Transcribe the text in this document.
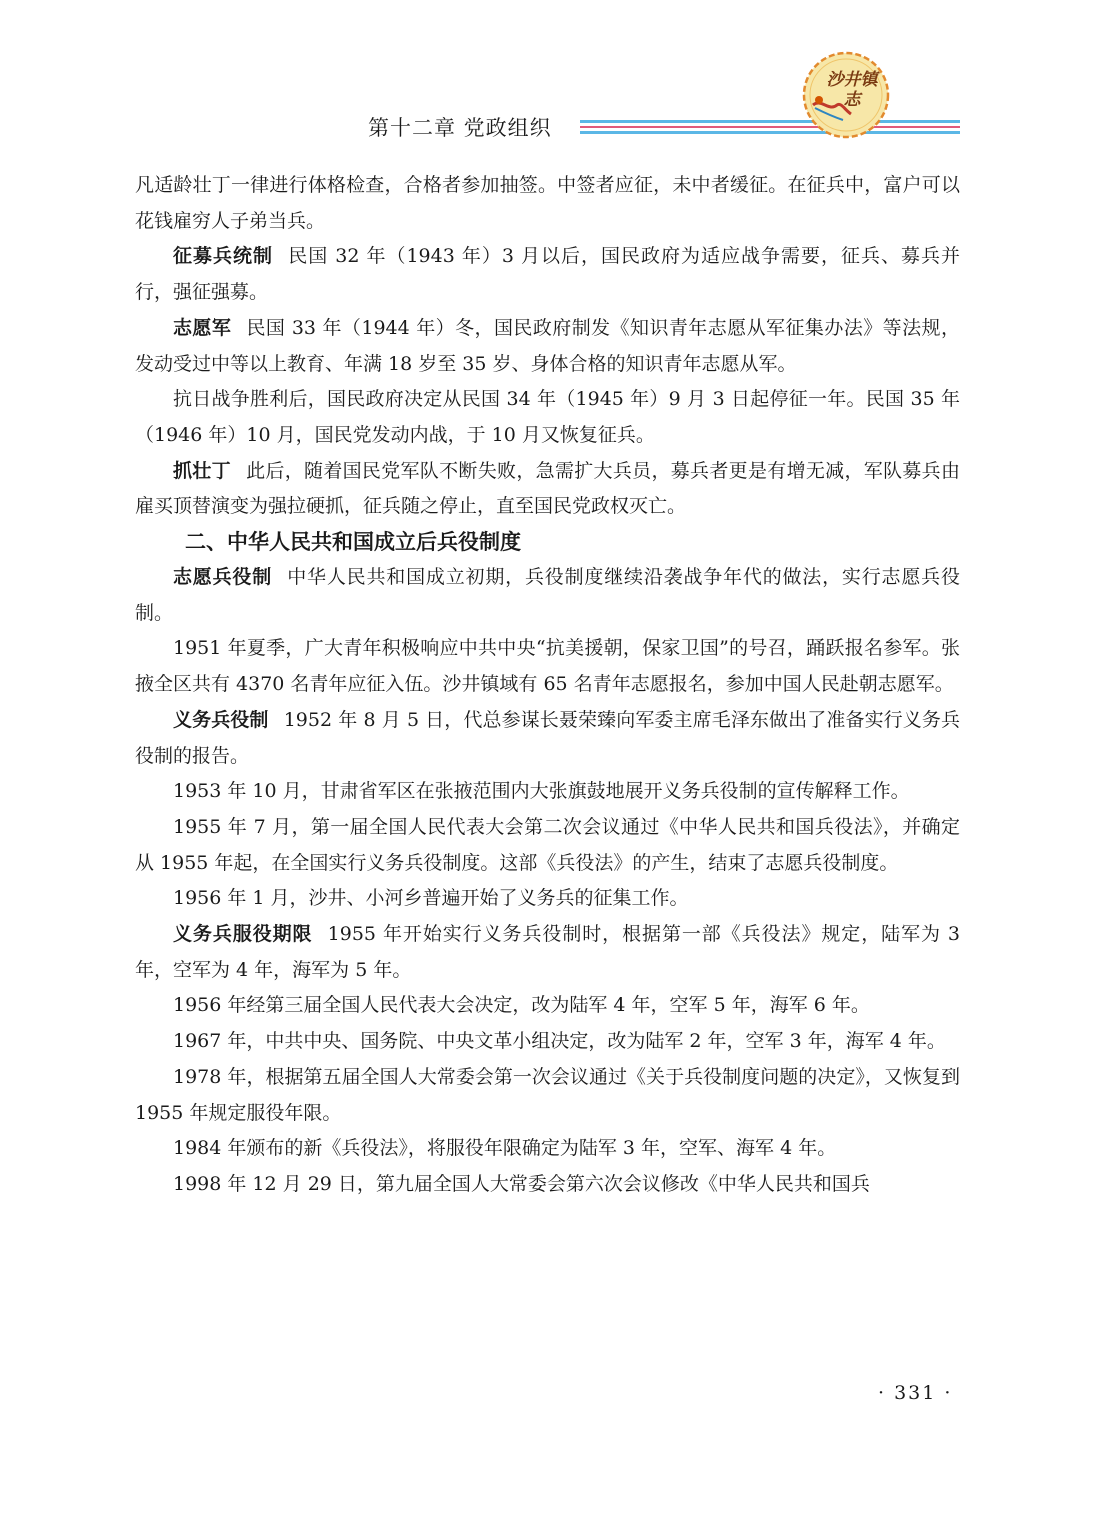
第十二章 党政组织
沙井镇志

凡适龄壮丁一律进行体格检查，合格者参加抽签。中签者应征，未中者缓征。在征兵中，富户可以花钱雇穷人子弟当兵。

征募兵统制 民国 32 年（1943 年）3 月以后，国民政府为适应战争需要，征兵、募兵并行，强征强募。

志愿军 民国 33 年（1944 年）冬，国民政府制发《知识青年志愿从军征集办法》等法规，发动受过中等以上教育、年满 18 岁至 35 岁、身体合格的知识青年志愿从军。

抗日战争胜利后，国民政府决定从民国 34 年（1945 年）9 月 3 日起停征一年。民国 35 年（1946 年）10 月，国民党发动内战，于 10 月又恢复征兵。

抓壮丁 此后，随着国民党军队不断失败，急需扩大兵员，募兵者更是有增无减，军队募兵由雇买顶替演变为强拉硬抓，征兵随之停止，直至国民党政权灭亡。

二、中华人民共和国成立后兵役制度

志愿兵役制 中华人民共和国成立初期，兵役制度继续沿袭战争年代的做法，实行志愿兵役制。

1951 年夏季，广大青年积极响应中共中央“抗美援朝，保家卫国”的号召，踊跃报名参军。张掖全区共有 4370 名青年应征入伍。沙井镇域有 65 名青年志愿报名，参加中国人民赴朝志愿军。

义务兵役制 1952 年 8 月 5 日，代总参谋长聂荣臻向军委主席毛泽东做出了准备实行义务兵役制的报告。

1953 年 10 月，甘肃省军区在张掖范围内大张旗鼓地展开义务兵役制的宣传解释工作。

1955 年 7 月，第一届全国人民代表大会第二次会议通过《中华人民共和国兵役法》，并确定从 1955 年起，在全国实行义务兵役制度。这部《兵役法》的产生，结束了志愿兵役制度。

1956 年 1 月，沙井、小河乡普遍开始了义务兵的征集工作。

义务兵服役期限 1955 年开始实行义务兵役制时，根据第一部《兵役法》规定，陆军为 3 年，空军为 4 年，海军为 5 年。

1956 年经第三届全国人民代表大会决定，改为陆军 4 年，空军 5 年，海军 6 年。

1967 年，中共中央、国务院、中央文革小组决定，改为陆军 2 年，空军 3 年，海军 4 年。

1978 年，根据第五届全国人大常委会第一次会议通过《关于兵役制度问题的决定》，又恢复到 1955 年规定服役年限。

1984 年颁布的新《兵役法》，将服役年限确定为陆军 3 年，空军、海军 4 年。

1998 年 12 月 29 日，第九届全国人大常委会第六次会议修改《中华人民共和国兵

· 331 ·
